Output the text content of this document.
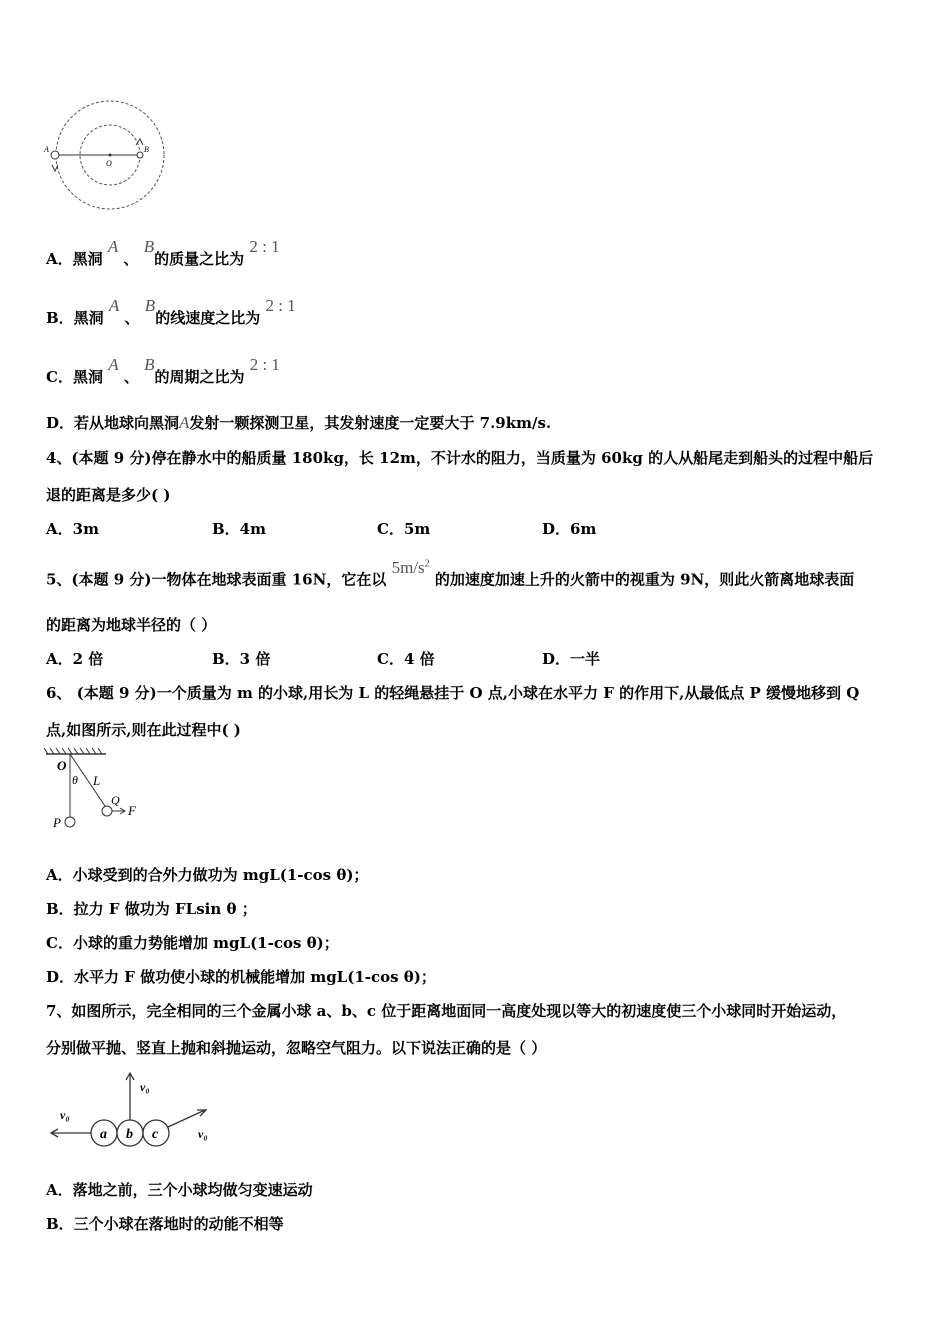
A
O
B
A．黑洞 A 、 B的质量之比为 2 : 1
B．黑洞 A 、 B的线速度之比为 2 : 1
C．黑洞 A 、 B的周期之比为 2 : 1
D．若从地球向黑洞A发射一颗探测卫星，其发射速度一定要大于 7.9km/s.
4、(本题 9 分)停在静水中的船质量 180kg，长 12m，不计水的阻力，当质量为 60kg 的人从船尾走到船头的过程中船后
退的距离是多少( )
A．3m	B．4m	C．5m	D．6m
5、(本题 9 分)一物体在地球表面重 16N，它在以 $5m/s^2$ 的加速度加速上升的火箭中的视重为 9N，则此火箭离地球表面
的距离为地球半径的（ ）
A．2 倍	B．3 倍	C．4 倍	D．一半
6、 (本题 9 分)一个质量为 m 的小球,用长为 L 的轻绳悬挂于 O 点,小球在水平力 F 的作用下,从最低点 P 缓慢地移到 Q
点,如图所示,则在此过程中( )
O
θ L
Q
F
P
A．小球受到的合外力做功为 mgL(1-cos θ)；
B．拉力 F 做功为 FLsin θ ；
C．小球的重力势能增加 mgL(1-cos θ)；
D．水平力 F 做功使小球的机械能增加 mgL(1-cos θ)；
7、如图所示，完全相同的三个金属小球 a、b、c 位于距离地面同一高度处现以等大的初速度使三个小球同时开始运动，
分别做平抛、竖直上抛和斜抛运动，忽略空气阻力。以下说法正确的是（ ）
v₀
v₀
v₀
a b c
A．落地之前，三个小球均做匀变速运动
B．三个小球在落地时的动能不相等
